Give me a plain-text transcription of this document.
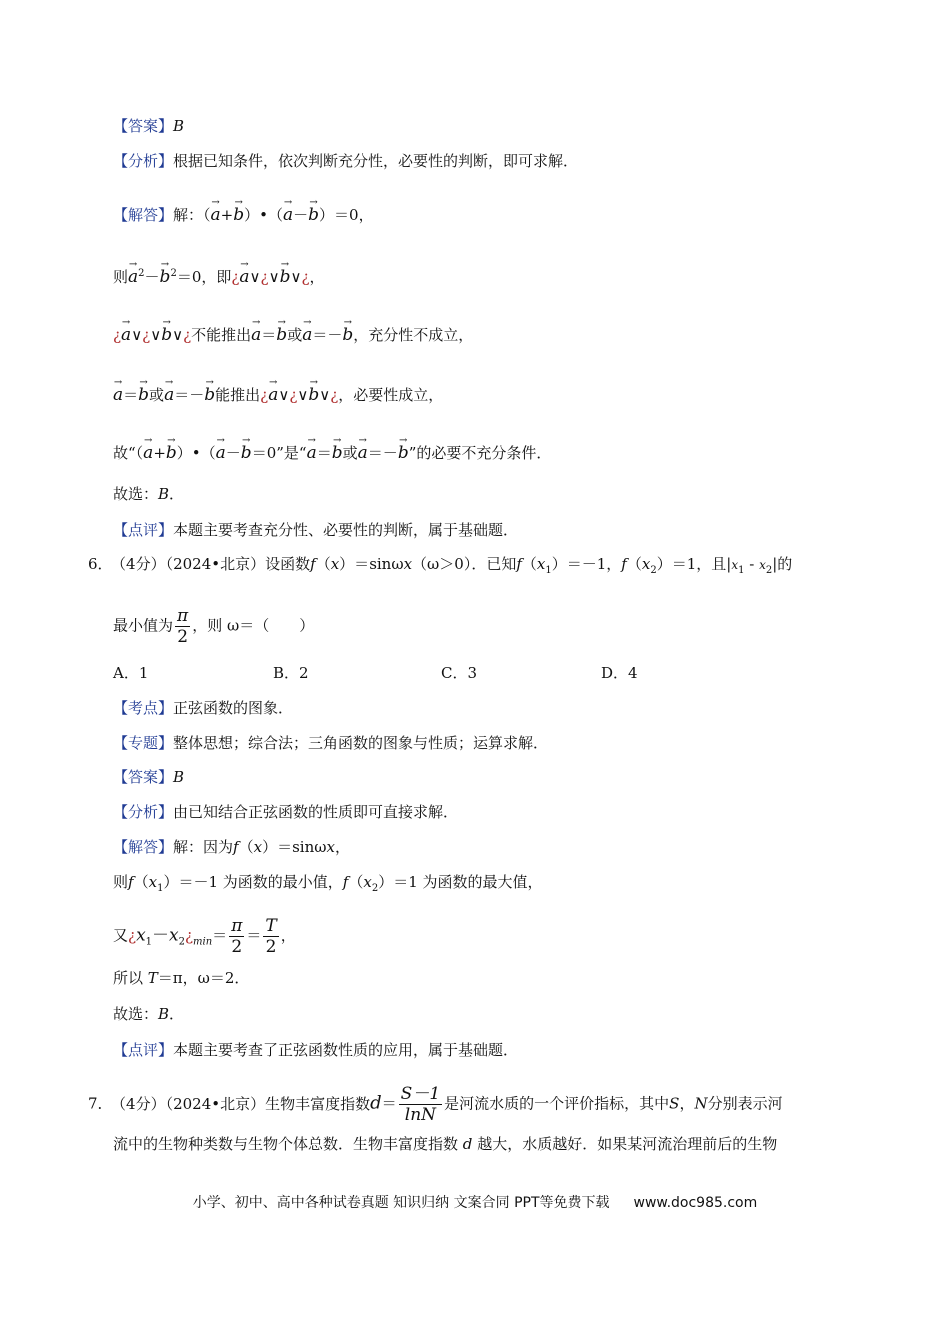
【答案】B
【分析】根据已知条件，依次判断充分性，必要性的判断，即可求解．
【解答】解：（→ a+→ b）•（→ a－→ b）＝0，
则→ $a^2-\to b^2=0$，即¿→ a∨¿∨→ b∨¿，
¿→ a∨¿∨→ b∨¿不能推出→ a＝→ b或→ a＝－→ b，充分性不成立，
→ a＝→ b或→ a＝－→ b能推出¿→ a∨¿∨→ b∨¿，必要性成立，
故“（→ a+→ b）•（→ a－→ b＝0”是“→ a＝→ b或→ a＝－→ b”的必要不充分条件．
故选：B．
【点评】本题主要考查充分性、必要性的判断，属于基础题．
6． （4分）（2024•北京）设函数f（x）＝sinωx（ω＞0）．已知$f(x_1)=-1$，$f(x_2)=1$，且$|x_1 - x_2|$的
最小值为 $\frac{\pi}{2}$ ，则 ω＝（　　）
A．1	B．2	C．3	D．4
【考点】正弦函数的图象．
【专题】整体思想；综合法；三角函数的图象与性质；运算求解．
【答案】B
【分析】由已知结合正弦函数的性质即可直接求解．
【解答】解：因为f（x）＝sinωx，
则$f(x_1)=-1$ 为函数的最小值，$f(x_2)=1$ 为函数的最大值，
又¿$x_1-x_2¿_{min}= \frac{\pi}{2} = \frac{T}{2}$ ，
所以 T＝π，ω＝2．
故选：B．
【点评】本题主要考查了正弦函数性质的应用，属于基础题．
7． （4分）（2024•北京）生物丰富度指数$d= \frac{S-1}{\ln N}$ 是河流水质的一个评价指标，其中S，N分别表示河
流中的生物种类数与生物个体总数．生物丰富度指数 d 越大，水质越好．如果某河流治理前后的生物
小学、初中、高中各种试卷真题 知识归纳 文案合同 PPT等免费下载 www.doc985.com
